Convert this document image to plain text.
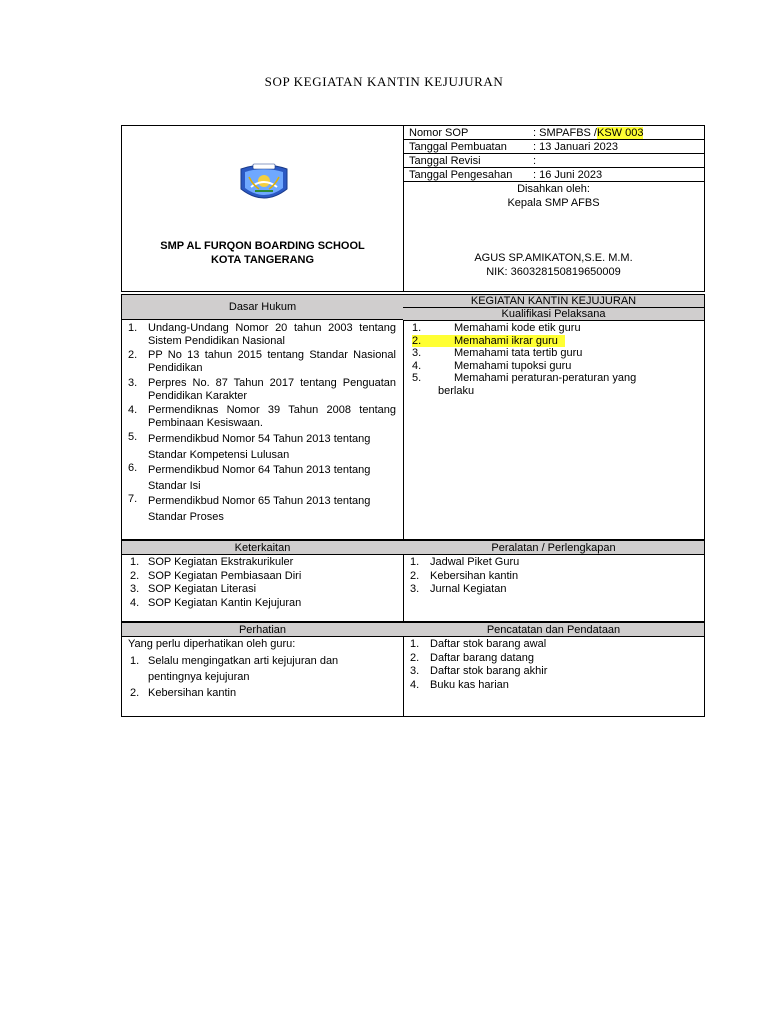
SOP KEGIATAN KANTIN KEJUJURAN
SMP AL FURQON BOARDING SCHOOL
KOTA TANGERANG
Nomor SOP	: SMPAFBS /KSW 003
Tanggal Pembuatan : 13 Januari 2023
Tanggal Revisi	:
Tanggal Pengesahan : 16 Juni 2023
Disahkan oleh:
Kepala SMP AFBS
AGUS SP.AMIKATON,S.E. M.M.
NIK: 360328150819650009
Dasar Hukum	KEGIATAN KANTIN KEJUJURAN
Kualifikasi Pelaksana
1. Undang-Undang Nomor 20 tahun 2003 tentang Sistem Pendidikan Nasional
2. PP No 13 tahun 2015 tentang Standar Nasional Pendidikan
3. Perpres No. 87 Tahun 2017 tentang Penguatan Pendidikan Karakter
4. Permendiknas Nomor 39 Tahun 2008 tentang Pembinaan Kesiswaan.
5. Permendikbud Nomor 54 Tahun 2013 tentang Standar Kompetensi Lulusan
6. Permendikbud Nomor 64 Tahun 2013 tentang Standar Isi
7. Permendikbud Nomor 65 Tahun 2013 tentang Standar Proses
1.	Memahami kode etik guru
2.	Memahami ikrar guru
3.	Memahami tata tertib guru
4.	Memahami tupoksi guru
5.	Memahami peraturan-peraturan yang
berlaku
Keterkaitan	Peralatan / Perlengkapan
1. SOP Kegiatan Ekstrakurikuler
2. SOP Kegiatan Pembiasaan Diri
3. SOP Kegiatan Literasi
4. SOP Kegiatan Kantin Kejujuran
1. Jadwal Piket Guru
2. Kebersihan kantin
3. Jurnal Kegiatan
Perhatian	Pencatatan dan Pendataan
Yang perlu diperhatikan oleh guru:
1. Selalu mengingatkan arti kejujuran dan
pentingnya kejujuran
2. Kebersihan kantin
1. Daftar stok barang awal
2. Daftar barang datang
3. Daftar stok barang akhir
4. Buku kas harian
